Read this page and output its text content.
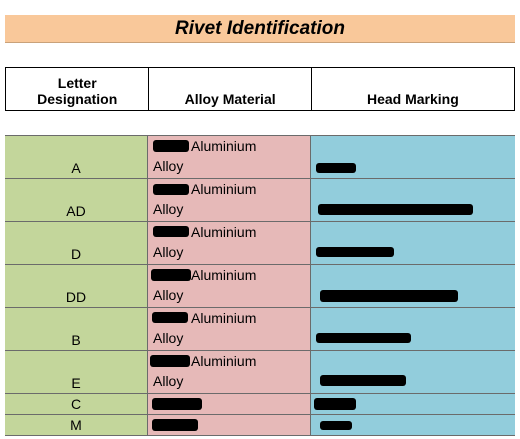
Rivet Identification
Letter
Designation	Alloy Material	Head Marking
A
Aluminium
Alloy
AD
Aluminium
Alloy
D
Aluminium
Alloy
DD
Aluminium
Alloy
B
Aluminium
Alloy
E
Aluminium
Alloy
C
M
